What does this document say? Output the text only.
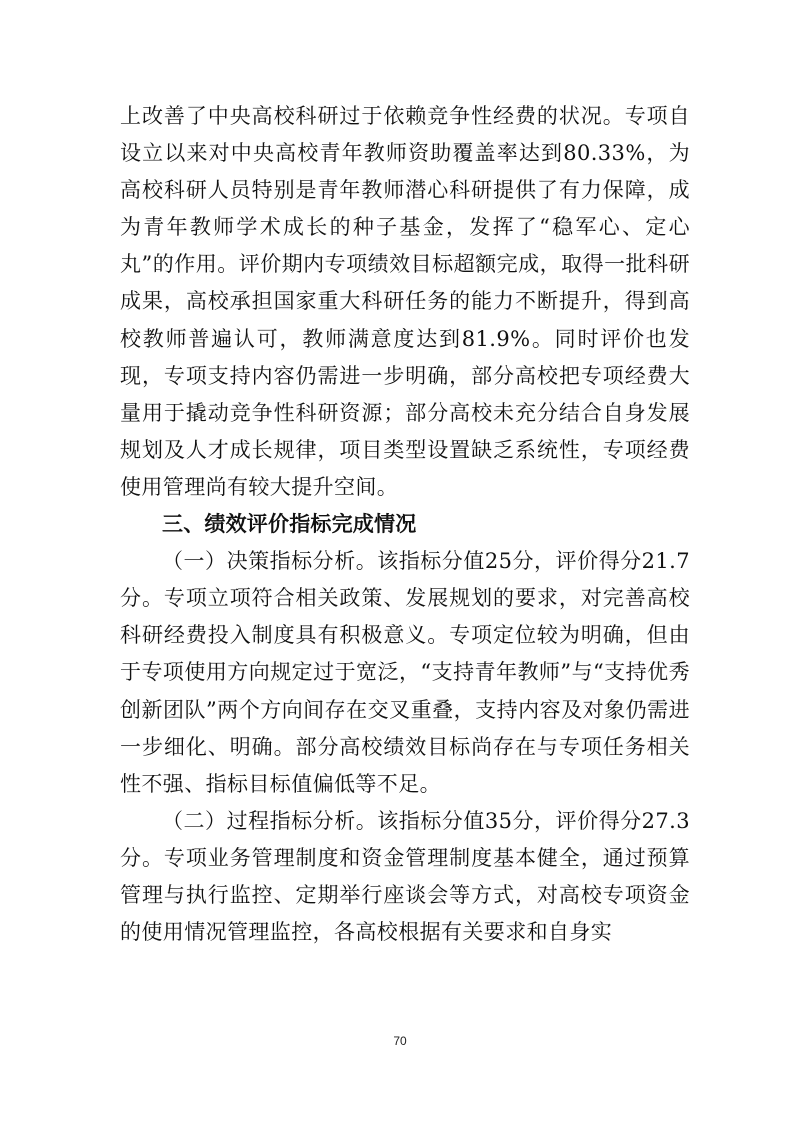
上改善了中央高校科研过于依赖竞争性经费的状况。专项自设立以来对中央高校青年教师资助覆盖率达到80.33%，为高校科研人员特别是青年教师潜心科研提供了有力保障，成为青年教师学术成长的种子基金，发挥了“稳军心、定心丸”的作用。评价期内专项绩效目标超额完成，取得一批科研成果，高校承担国家重大科研任务的能力不断提升，得到高校教师普遍认可，教师满意度达到81.9%。同时评价也发现，专项支持内容仍需进一步明确，部分高校把专项经费大量用于撬动竞争性科研资源；部分高校未充分结合自身发展规划及人才成长规律，项目类型设置缺乏系统性，专项经费使用管理尚有较大提升空间。

三、绩效评价指标完成情况

（一）决策指标分析。该指标分值25分，评价得分21.7分。专项立项符合相关政策、发展规划的要求，对完善高校科研经费投入制度具有积极意义。专项定位较为明确，但由于专项使用方向规定过于宽泛，“支持青年教师”与“支持优秀创新团队”两个方向间存在交叉重叠，支持内容及对象仍需进一步细化、明确。部分高校绩效目标尚存在与专项任务相关性不强、指标目标值偏低等不足。

（二）过程指标分析。该指标分值35分，评价得分27.3分。专项业务管理制度和资金管理制度基本健全，通过预算管理与执行监控、定期举行座谈会等方式，对高校专项资金的使用情况管理监控，各高校根据有关要求和自身实

70
